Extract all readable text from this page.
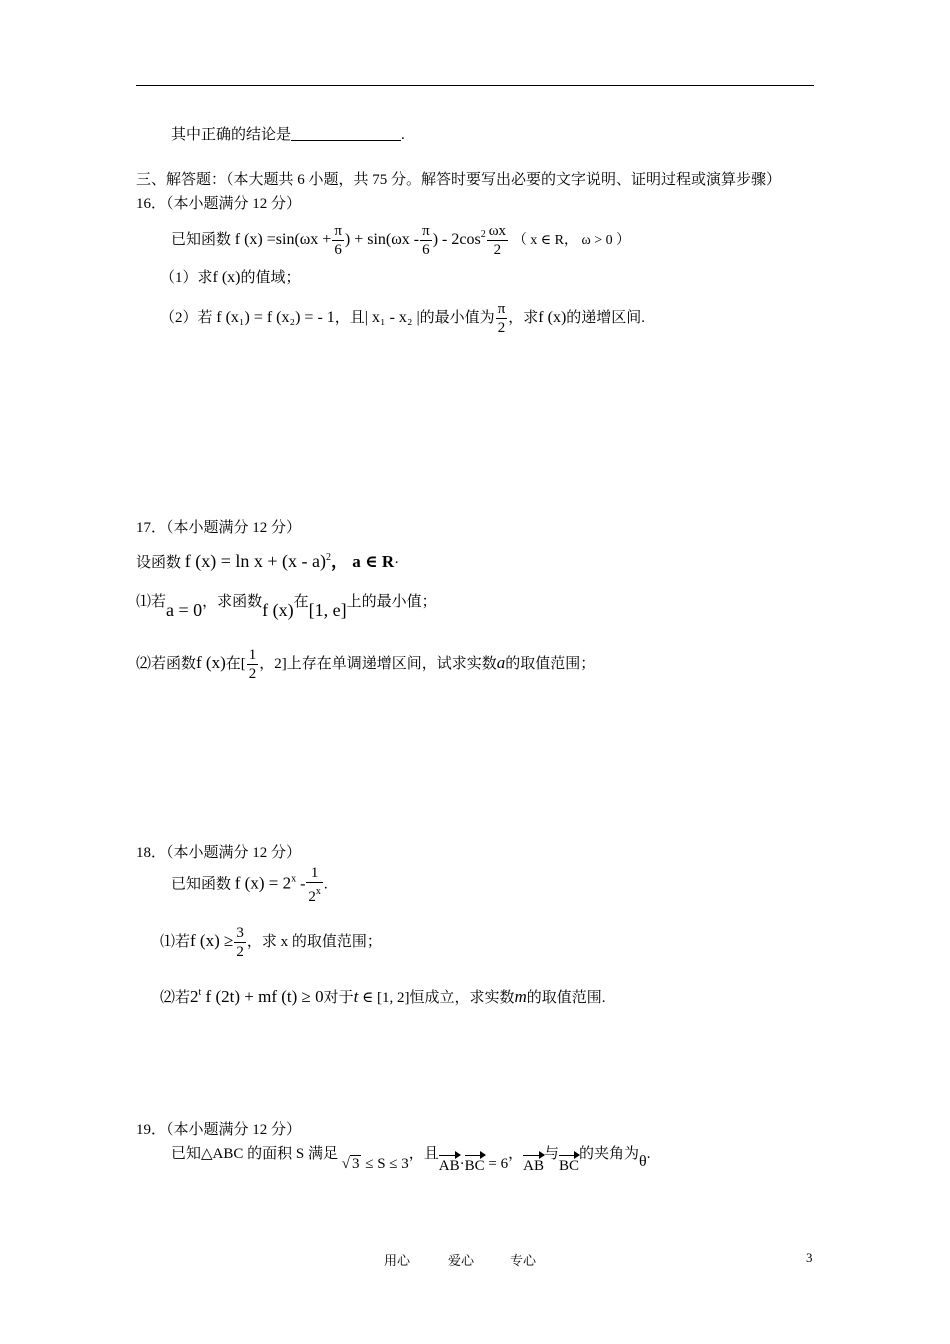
其中正确的结论是	.
三、解答题：（本大题共 6 小题，共 75 分。解答时要写出必要的文字说明、证明过程或演算步骤）
16．（本小题满分 12 分）
已知函数 f $(x) =\sin(\omega x + \frac{\pi}{6}$ ) + $\sin(\omega x - \frac{\pi}{6}$ ) - $2\cos^2 \frac{\omega x}{2}$ （ x ∈ R， ω > 0 ）
（1）求f (x)的值域；
（2）若 f (x₁) = f (x₂) = - 1，且| x₁ - x₂ |的最小值为 $\frac{\pi}{2}$ ，求f (x)的递增区间.
17．（本小题满分 12 分）
设函数 f (x) = ln x + (x - a)$^2$， a ∈ R·
⑴若a = 0，求函数f (x)在[1, e]上的最小值；
⑵若函数f (x)在[ $\frac{1}{2}$ ，2]上存在单调递增区间，试求实数a的取值范围；
18．（本小题满分 12 分）
已知函数 f $(x) = 2^x - \frac{1}{2^x}$ .
⑴若f $(x) \ge \frac{3}{2}$ ，求 x 的取值范围；
⑵若2$^t$ f (2t) + mf (t) ≥ 0对于t ∈ [1, 2]恒成立，求实数m的取值范围.
19．（本小题满分 12 分）
已知△ABC 的面积 S 满足 √ 3 ≤ S ≤ 3，且AB·BC = 6，AB与BC的夹角为θ.
用心	爱心	专心	3
